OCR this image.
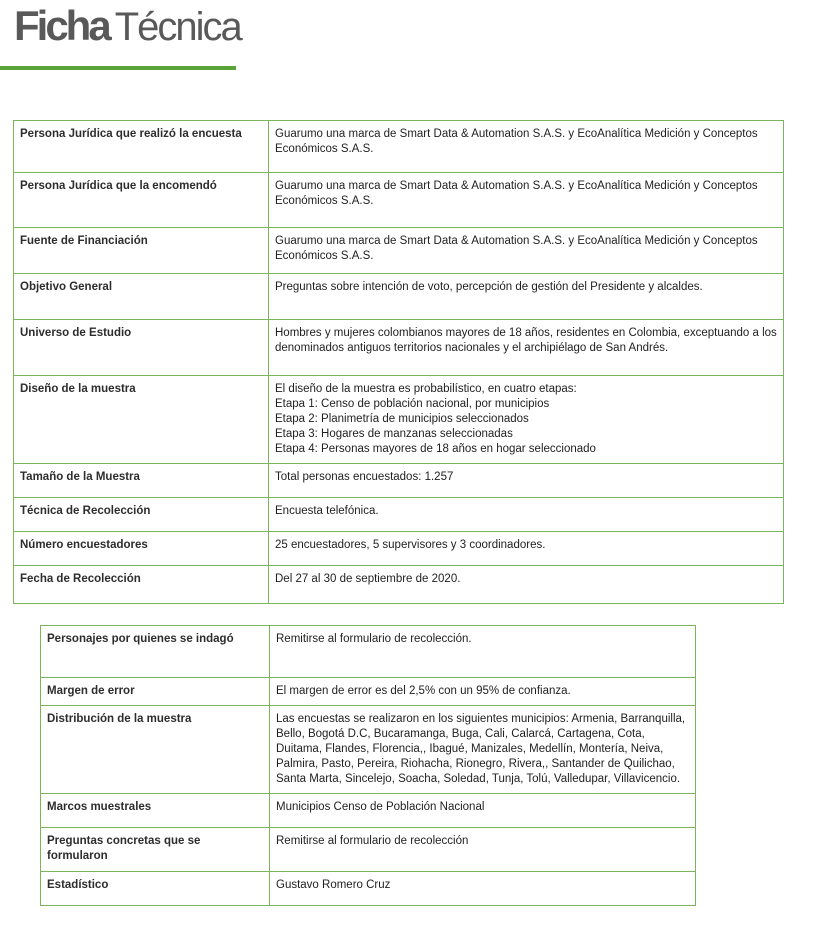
Ficha Técnica
Persona Jurídica que realizó la encuesta	Guarumo una marca de Smart Data & Automation S.A.S. y EcoAnalítica Medición y Conceptos Económicos S.A.S.

Persona Jurídica que la encomendó	Guarumo una marca de Smart Data & Automation S.A.S. y EcoAnalítica Medición y Conceptos Económicos S.A.S.

Fuente de Financiación	Guarumo una marca de Smart Data & Automation S.A.S. y EcoAnalítica Medición y Conceptos Económicos S.A.S.

Objetivo General	Preguntas sobre intención de voto, percepción de gestión del Presidente y alcaldes.

Universo de Estudio	Hombres y mujeres colombianos mayores de 18 años, residentes en Colombia, exceptuando a los denominados antiguos territorios nacionales y el archipiélago de San Andrés.

Diseño de la muestra	El diseño de la muestra es probabilístico, en cuatro etapas:
Etapa 1: Censo de población nacional, por municipios
Etapa 2: Planimetría de municipios seleccionados
Etapa 3: Hogares de manzanas seleccionadas
Etapa 4: Personas mayores de 18 años en hogar seleccionado

Tamaño de la Muestra	Total personas encuestados: 1.257

Técnica de Recolección	Encuesta telefónica.

Número encuestadores	25 encuestadores, 5 supervisores y 3 coordinadores.

Fecha de Recolección	Del 27 al 30 de septiembre de 2020.
Personajes por quienes se indagó	Remitirse al formulario de recolección.

Margen de error	El margen de error es del 2,5% con un 95% de confianza.

Distribución de la muestra	Las encuestas se realizaron en los siguientes municipios: Armenia, Barranquilla, Bello, Bogotá D.C, Bucaramanga, Buga, Cali, Calarcá, Cartagena, Cota, Duitama, Flandes, Florencia,, Ibagué, Manizales, Medellín, Montería, Neiva, Palmira, Pasto, Pereira, Riohacha, Rionegro, Rivera,, Santander de Quilichao, Santa Marta, Sincelejo, Soacha, Soledad, Tunja, Tolú, Valledupar, Villavicencio.

Marcos muestrales	Municipios Censo de Población Nacional

Preguntas concretas que se formularon	Remitirse al formulario de recolección

Estadístico	Gustavo Romero Cruz
